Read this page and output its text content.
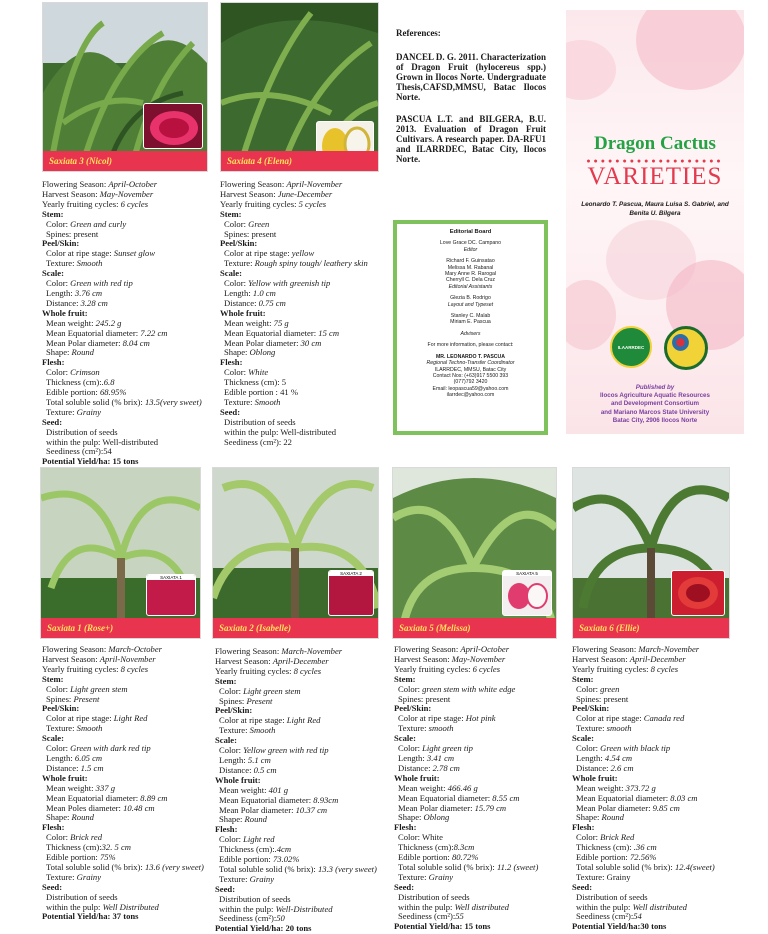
Saxiata 3 (Nicol)	Saxiata 4 (Elena)
Flowering Season: April-October
Harvest Season: May-November
Yearly fruiting cycles: 6 cycles
Stem:
Color: Green and curly
Spines: present
Peel/Skin:
Color at ripe stage: Sunset glow
Texture: Smooth
Scale:
Color: Green with red tip
Length: 3.76 cm
Distance: 3.28 cm
Whole fruit:
Mean weight: 245.2 g
Mean Equatorial diameter: 7.22 cm
Mean Polar diameter: 8.04 cm
Shape: Round
Flesh:
Color: Crimson
Thickness (cm):.6.8
Edible portion: 68.95%
Total soluble solid (% brix): 13.5(very sweet)
Texture: Grainy
Seed:
Distribution of seeds
within the pulp: Well-distributed
Seediness (cm²):54
Potential Yield/ha: 15 tons
Flowering Season: April-November
Harvest Season: June-December
Yearly fruiting cycles: 5 cycles
Stem:
Color: Green
Spines: present
Peel/Skin:
Color at ripe stage: yellow
Texture: Rough spiny tough/ leathery skin
Scale:
Color: Yellow with greenish tip
Length: 1.0 cm
Distance: 0.75 cm
Whole fruit:
Mean weight: 75 g
Mean Equatorial diameter: 15 cm
Mean Polar diameter: 30 cm
Shape: Oblong
Flesh:
Color: White
Thickness (cm): 5
Edible portion : 41 %
Texture: Smooth
Seed:
Distribution of seeds
within the pulp: Well-distributed
Seediness (cm²): 22
References:

DANCEL D. G. 2011. Characterization of Dragon Fruit (hylocereus spp.) Grown in Ilocos Norte. Undergraduate Thesis,CAFSD,MMSU, Batac Ilocos Norte.

PASCUA L.T. and BILGERA, B.U. 2013. Evaluation of Dragon Fruit Cultivars. A research paper. DA-RFU1 and ILARRDEC, Batac City, Ilocos Norte.

Editorial Board
Love Grace DC. Campano
Editor
Richard F. Guinsatao
Melissa M. Rabanal
Mary Anne R. Rarogal
Cherryll C. Dela Cruz
Editorial Assistants
Glezia B. Rodrigo
Layout and Typeset
Stanley C. Malab
Miriam E. Pascua
Advisers
For more information, please contact:
MR. LEONARDO T. PASCUA
Regional Techno-Transfer Coordinator
ILARRDEC, MMSU, Batac City
Contact Nos: (+63)917 5500 393
(077)792 3420
Email: leopascua59@yahoo.com
ilarrdec@yahoo.com
Dragon Cactus
●●●●●●●●●●●●●●●●●●●
VARIETIES
Leonardo T. Pascua, Maura Luisa S. Gabriel, and Benita U. Bilgera
ILAARRDEC
Published by
Ilocos Agriculture Aquatic Resources
and Development Consortium
and Mariano Marcos State University
Batac City, 2906 Ilocos Norte
SAXIATA 1
Saxiata 1 (Rose+)
SAXIATA 2
Saxiata 2 (Isabelle)
SAXIATA 5
Saxiata 5 (Melissa)	Saxiata 6 (Ellie)
Flowering Season: March-October
Harvest Season: April-November
Yearly fruiting cycles: 8 cycles
Stem:
Color: Light green stem
Spines: Present
Peel/Skin:
Color at ripe stage: Light Red
Texture: Smooth
Scale:
Color: Green with dark red tip
Length: 6.05 cm
Distance: 1.5 cm
Whole fruit:
Mean weight: 337 g
Mean Equatorial diameter: 8.89 cm
Mean Poles diameter: 10.48 cm
Shape: Round
Flesh:
Color: Brick red
Thickness (cm):32. 5 cm
Edible portion: 75%
Total soluble solid (% brix): 13.6 (very sweet)
Texture: Grainy
Seed:
Distribution of seeds
within the pulp: Well Distributed
Potential Yield/ha: 37 tons
Flowering Season: March-November
Harvest Season: April-December
Yearly fruiting cycles: 8 cycles
Stem:
Color: Light green stem
Spines: Present
Peel/Skin:
Color at ripe stage: Light Red
Texture: Smooth
Scale:
Color: Yellow green with red tip
Length: 5.1 cm
Distance: 0.5 cm
Whole fruit:
Mean weight: 401 g
Mean Equatorial diameter: 8.93cm
Mean Polar diameter: 10.37 cm
Shape: Round
Flesh:
Color: Light red
Thickness (cm):.4cm
Edible portion: 73.02%
Total soluble solid (% brix): 13.3 (very sweet)
Texture: Grainy
Seed:
Distribution of seeds
within the pulp: Well-Distributed
Seediness (cm²):50
Potential Yield/ha: 20 tons
Flowering Season: April-October
Harvest Season: May-November
Yearly fruiting cycles: 6 cycles
Stem:
Color: green stem with white edge
Spines: present
Peel/Skin:
Color at ripe stage: Hot pink
Texture: smooth
Scale:
Color: Light green tip
Length: 3.41 cm
Distance: 2.78 cm
Whole fruit:
Mean weight: 466.46 g
Mean Equatorial diameter: 8.55 cm
Mean Polar diameter: 15.79 cm
Shape: Oblong
Flesh:
Color: White
Thickness (cm):8.3cm
Edible portion: 80.72%
Total soluble solid (% brix): 11.2 (sweet)
Texture: Grainy
Seed:
Distribution of seeds
within the pulp: Well distributed
Seediness (cm²):55
Potential Yield/ha: 15 tons
Flowering Season: March-November
Harvest Season: April-December
Yearly fruiting cycles: 8 cycles
Stem:
Color: green
Spines: present
Peel/Skin:
Color at ripe stage: Canada red
Texture: smooth
Scale:
Color: Green with black tip
Length: 4.54 cm
Distance: 2.6 cm
Whole fruit:
Mean weight: 373.72 g
Mean Equatorial diameter: 8.03 cm
Mean Polar diameter: 9.85 cm
Shape: Round
Flesh:
Color: Brick Red
Thickness (cm): .36 cm
Edible portion: 72.56%
Total soluble solid (% brix): 12.4(sweet)
Texture: Grainy
Seed:
Distribution of seeds
within the pulp: Well distributed
Seediness (cm²):54
Potential Yield/ha:30 tons
